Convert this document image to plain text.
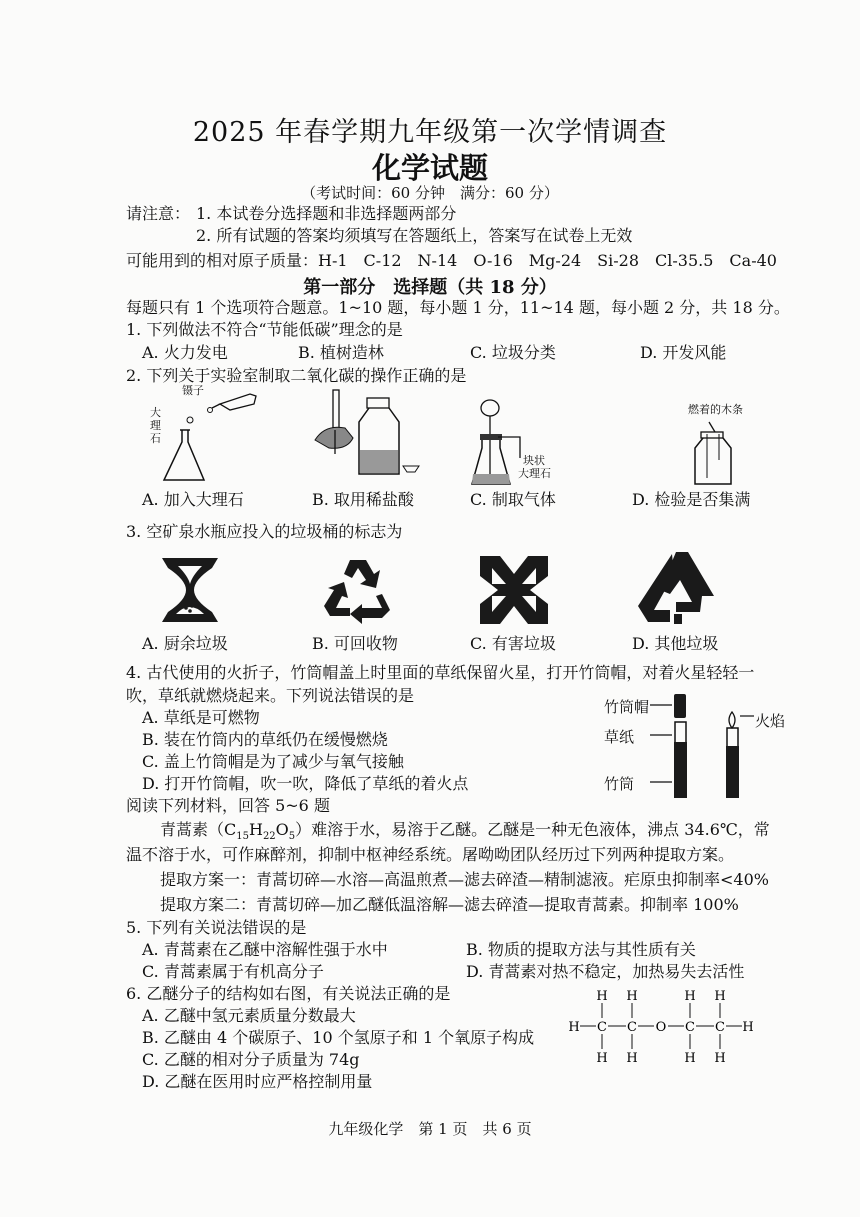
2025 年春学期九年级第一次学情调查
化学试题
（考试时间：60 分钟　满分：60 分）
请注意： 1. 本试卷分选择题和非选择题两部分
2. 所有试题的答案均须填写在答题纸上，答案写在试卷上无效
可能用到的相对原子质量：H-1　C-12　N-14　O-16　Mg-24　Si-28　Cl-35.5　Ca-40
第一部分　选择题（共 18 分）
每题只有 1 个选项符合题意。1~10 题，每小题 1 分，11~14 题，每小题 2 分，共 18 分。
1. 下列做法不符合“节能低碳”理念的是
A. 火力发电	B. 植树造林	C. 垃圾分类	D. 开发风能
2. 下列关于实验室制取二氧化碳的操作正确的是
镊子
大理石
块状
大理石
燃着的木条
A. 加入大理石	B. 取用稀盐酸	C. 制取气体	D. 检验是否集满
3. 空矿泉水瓶应投入的垃圾桶的标志为
A. 厨余垃圾	B. 可回收物	C. 有害垃圾	D. 其他垃圾
4. 古代使用的火折子，竹筒帽盖上时里面的草纸保留火星，打开竹筒帽，对着火星轻轻一
吹，草纸就燃烧起来。下列说法错误的是
A. 草纸是可燃物
B. 装在竹筒内的草纸仍在缓慢燃烧
C. 盖上竹筒帽是为了减少与氧气接触
D. 打开竹筒帽，吹一吹，降低了草纸的着火点
竹筒帽
草纸
竹筒
火焰
阅读下列材料，回答 5~6 题
青蒿素$(C_{15}H_{22}O_5)$难溶于水，易溶于乙醚。乙醚是一种无色液体，沸点 34.6℃，常
温不溶于水，可作麻醉剂，抑制中枢神经系统。屠呦呦团队经历过下列两种提取方案。
提取方案一：青蒿切碎—水溶—高温煎煮—滤去碎渣—精制滤液。疟原虫抑制率<40%
提取方案二：青蒿切碎—加乙醚低温溶解—滤去碎渣—提取青蒿素。抑制率 100%
5. 下列有关说法错误的是
A. 青蒿素在乙醚中溶解性强于水中	B. 物质的提取方法与其性质有关
C. 青蒿素属于有机高分子	D. 青蒿素对热不稳定，加热易失去活性
6. 乙醚分子的结构如右图，有关说法正确的是
A. 乙醚中氢元素质量分数最大
B. 乙醚由 4 个碳原子、10 个氢原子和 1 个氧原子构成
C. 乙醚的相对分子质量为 74g
D. 乙醚在医用时应严格控制用量
H H	H H
H C C O C C H
H H	H H
九年级化学　第 1 页　共 6 页
